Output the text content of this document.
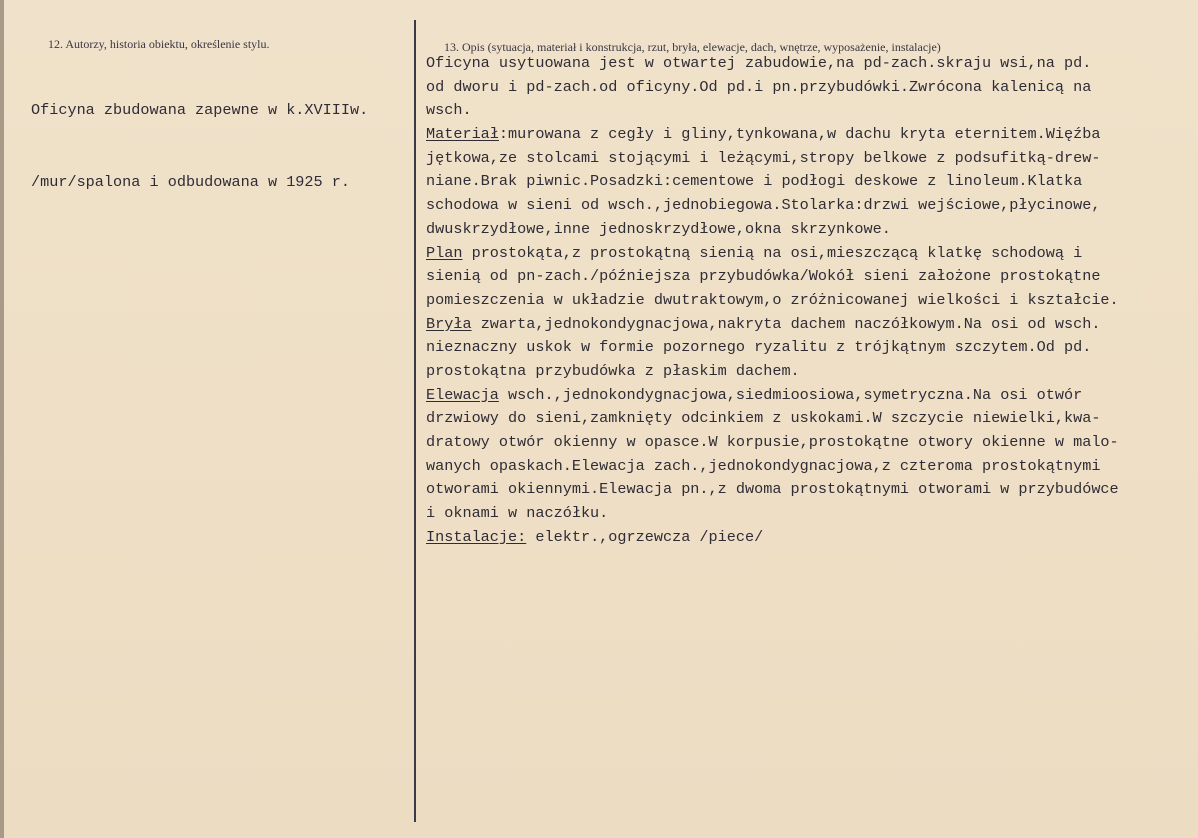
12. Autorzy, historia obiektu, określenie stylu.

Oficyna zbudowana zapewne w k.XVIIIw.

/mur/spalona i odbudowana w 1925 r.

13. Opis (sytuacja, materiał i konstrukcja, rzut, bryła, elewacje, dach, wnętrze, wyposażenie, instalacje)
Oficyna usytuowana jest w otwartej zabudowie,na pd-zach.skraju wsi,na pd.
od dworu i pd-zach.od oficyny.Od pd.i pn.przybudówki.Zwrócona kalenicą na
wsch.
Materiał:murowana z cegły i gliny,tynkowana,w dachu kryta eternitem.Więźba
jętkowa,ze stolcami stojącymi i leżącymi,stropy belkowe z podsufitką-drew-
niane.Brak piwnic.Posadzki:cementowe i podłogi deskowe z linoleum.Klatka
schodowa w sieni od wsch.,jednobiegowa.Stolarka:drzwi wejściowe,płycinowe,
dwuskrzydłowe,inne jednoskrzydłowe,okna skrzynkowe.
Plan prostokąta,z prostokątną sienią na osi,mieszczącą klatkę schodową i
sienią od pn-zach./późniejsza przybudówka/Wokół sieni założone prostokątne
pomieszczenia w układzie dwutraktowym,o zróżnicowanej wielkości i kształcie.
Bryła zwarta,jednokondygnacjowa,nakryta dachem naczółkowym.Na osi od wsch.
nieznaczny uskok w formie pozornego ryzalitu z trójkątnym szczytem.Od pd.
prostokątna przybudówka z płaskim dachem.
Elewacja wsch.,jednokondygnacjowa,siedmioosiowa,symetryczna.Na osi otwór
drzwiowy do sieni,zamknięty odcinkiem z uskokami.W szczycie niewielki,kwa-
dratowy otwór okienny w opasce.W korpusie,prostokątne otwory okienne w malo-
wanych opaskach.Elewacja zach.,jednokondygnacjowa,z czteroma prostokątnymi
otworami okiennymi.Elewacja pn.,z dwoma prostokątnymi otworami w przybudówce
i oknami w naczółku.
Instalacje: elektr.,ogrzewcza /piece/
